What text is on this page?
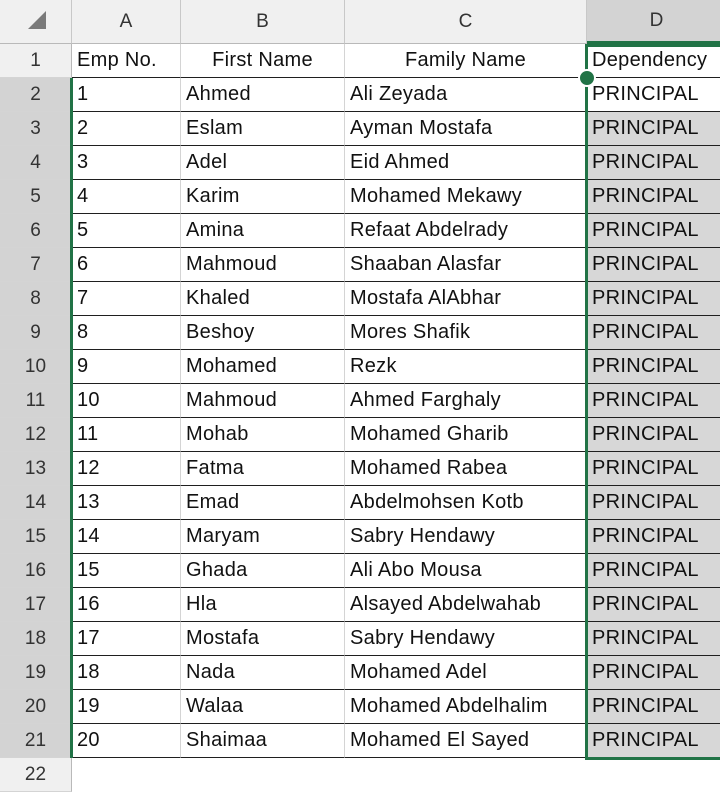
A	B	C	D
1	Emp No.	First Name	Family Name	Dependency
2	1	Ahmed	Ali Zeyada	PRINCIPAL
3	2	Eslam	Ayman Mostafa	PRINCIPAL
4	3	Adel	Eid Ahmed	PRINCIPAL
5	4	Karim	Mohamed Mekawy	PRINCIPAL
6	5	Amina	Refaat Abdelrady	PRINCIPAL
7	6	Mahmoud	Shaaban Alasfar	PRINCIPAL
8	7	Khaled	Mostafa AlAbhar	PRINCIPAL
9	8	Beshoy	Mores Shafik	PRINCIPAL
10	9	Mohamed	Rezk	PRINCIPAL
11	10	Mahmoud	Ahmed Farghaly	PRINCIPAL
12	11	Mohab	Mohamed Gharib	PRINCIPAL
13	12	Fatma	Mohamed Rabea	PRINCIPAL
14	13	Emad	Abdelmohsen Kotb	PRINCIPAL
15	14	Maryam	Sabry Hendawy	PRINCIPAL
16	15	Ghada	Ali Abo Mousa	PRINCIPAL
17	16	Hla	Alsayed Abdelwahab	PRINCIPAL
18	17	Mostafa	Sabry Hendawy	PRINCIPAL
19	18	Nada	Mohamed Adel	PRINCIPAL
20	19	Walaa	Mohamed Abdelhalim	PRINCIPAL
21	20	Shaimaa	Mohamed El Sayed	PRINCIPAL
22
